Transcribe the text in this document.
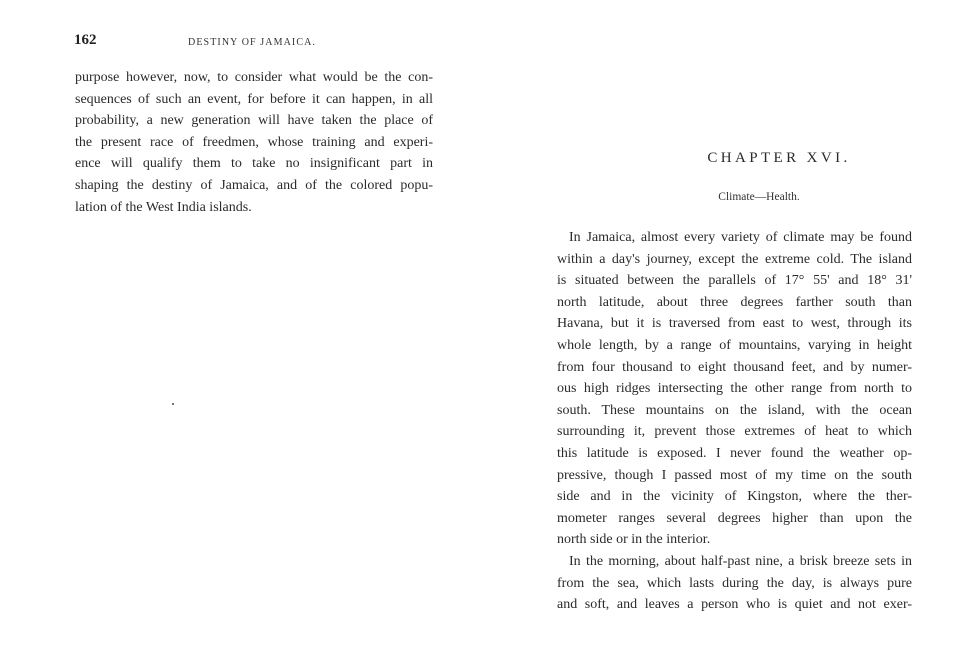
162	DESTINY OF JAMAICA.
purpose however, now, to consider what would be the con-
sequences of such an event, for before it can happen, in all
probability, a new generation will have taken the place of
the present race of freedmen, whose training and experi-
ence will qualify them to take no insignificant part in
shaping the destiny of Jamaica, and of the colored popu-
lation of the West India islands.
CHAPTER XVI.
Climate—Health.
In Jamaica, almost every variety of climate may be found
within a day's journey, except the extreme cold. The island
is situated between the parallels of 17° 55' and 18° 31'
north latitude, about three degrees farther south than
Havana, but it is traversed from east to west, through its
whole length, by a range of mountains, varying in height
from four thousand to eight thousand feet, and by numer-
ous high ridges intersecting the other range from north to
south. These mountains on the island, with the ocean
surrounding it, prevent those extremes of heat to which
this latitude is exposed. I never found the weather op-
pressive, though I passed most of my time on the south
side and in the vicinity of Kingston, where the ther-
mometer ranges several degrees higher than upon the
north side or in the interior.
In the morning, about half-past nine, a brisk breeze sets in
from the sea, which lasts during the day, is always pure
and soft, and leaves a person who is quiet and not exer-
